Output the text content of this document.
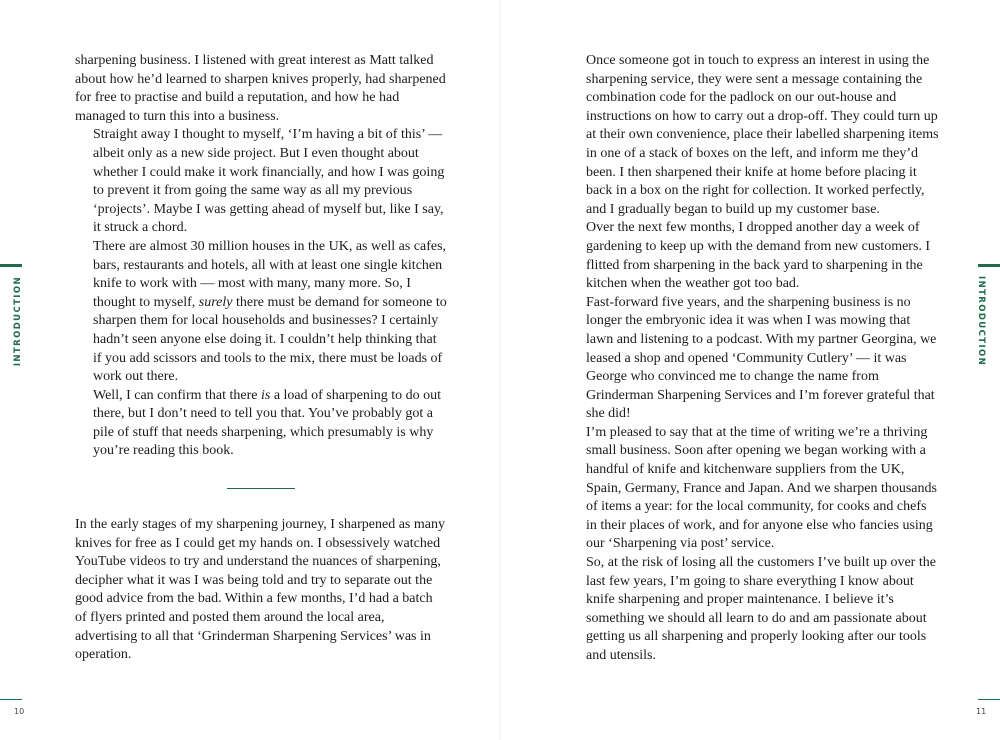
INTRODUCTION

sharpening business. I listened with great interest as Matt talked about how he’d learned to sharpen knives properly, had sharpened for free to practise and build a reputation, and how he had managed to turn this into a business.

Straight away I thought to myself, ‘I’m having a bit of this’ — albeit only as a new side project. But I even thought about whether I could make it work financially, and how I was going to prevent it from going the same way as all my previous ‘projects’. Maybe I was getting ahead of myself but, like I say, it struck a chord.

There are almost 30 million houses in the UK, as well as cafes, bars, restaurants and hotels, all with at least one single kitchen knife to work with — most with many, many more. So, I thought to myself, surely there must be demand for someone to sharpen them for local households and businesses? I certainly hadn’t seen anyone else doing it. I couldn’t help thinking that if you add scissors and tools to the mix, there must be loads of work out there.

Well, I can confirm that there is a load of sharpening to do out there, but I don’t need to tell you that. You’ve probably got a pile of stuff that needs sharpening, which presumably is why you’re reading this book.

In the early stages of my sharpening journey, I sharpened as many knives for free as I could get my hands on. I obsessively watched YouTube videos to try and understand the nuances of sharpening, decipher what it was I was being told and try to separate out the good advice from the bad. Within a few months, I’d had a batch of flyers printed and posted them around the local area, advertising to all that ‘Grinderman Sharpening Services’ was in operation.

10

Once someone got in touch to express an interest in using the sharpening service, they were sent a message containing the combination code for the padlock on our out-house and instructions on how to carry out a drop-off. They could turn up at their own convenience, place their labelled sharpening items in one of a stack of boxes on the left, and inform me they’d been. I then sharpened their knife at home before placing it back in a box on the right for collection. It worked perfectly, and I gradually began to build up my customer base.

Over the next few months, I dropped another day a week of gardening to keep up with the demand from new customers. I flitted from sharpening in the back yard to sharpening in the kitchen when the weather got too bad.

Fast-forward five years, and the sharpening business is no longer the embryonic idea it was when I was mowing that lawn and listening to a podcast. With my partner Georgina, we leased a shop and opened ‘Community Cutlery’ — it was George who convinced me to change the name from Grinderman Sharpening Services and I’m forever grateful that she did!

I’m pleased to say that at the time of writing we’re a thriving small business. Soon after opening we began working with a handful of knife and kitchenware suppliers from the UK, Spain, Germany, France and Japan. And we sharpen thousands of items a year: for the local community, for cooks and chefs in their places of work, and for anyone else who fancies using our ‘Sharpening via post’ service.

So, at the risk of losing all the customers I’ve built up over the last few years, I’m going to share everything I know about knife sharpening and proper maintenance. I believe it’s something we should all learn to do and am passionate about getting us all sharpening and properly looking after our tools and utensils.

INTRODUCTION
11
